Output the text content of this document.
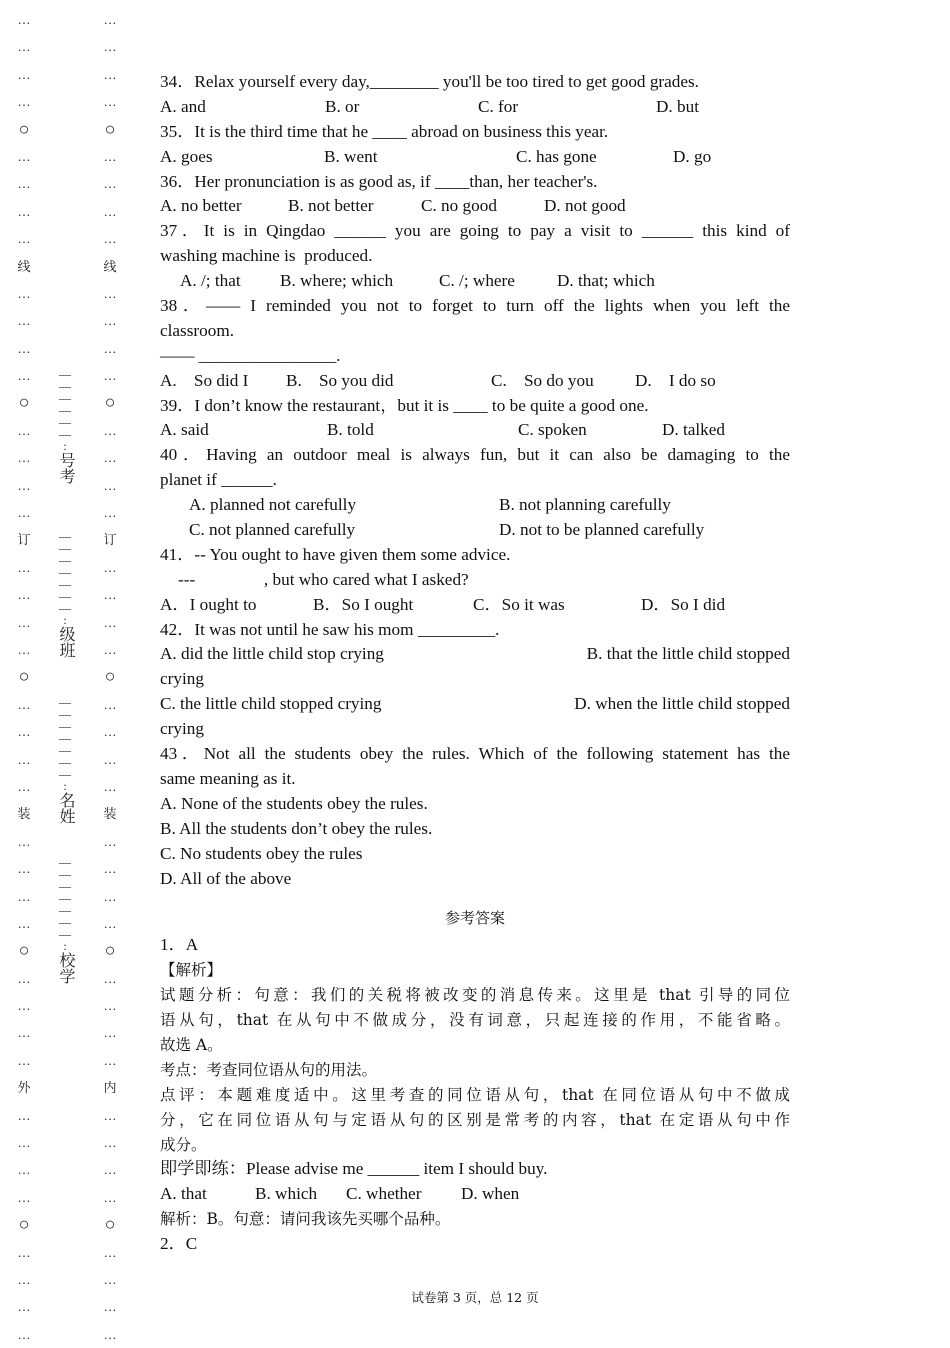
…
…
…
…
○
…
…
…
…
线
…
…
…
…
○
…
…
…
…
订
…
…
…
…
○
…
…
…
…
装
…
…
…
…
○
…
…
…
…
外
…
…
…
…
○
…
…
…
…
…
…
…
…
○
…
…
…
…
线
…
…
…
…
○
…
…
…
…
订
…
…
…
…
○
…
…
…
…
装
…
…
…
…
○
…
…
…
…
内
…
…
…
…
○
…
…
…
…
—
—
—
—
—
—
:
号考
—
—
—
—
—
—
—
:
级班
—
—
—
—
—
—
—
:
名姓
—
—
—
—
—
—
—
:
校学
34．Relax yourself every day,________ you'll be too tired to get good grades.
A. and	B. or	C. for	D. but
35．It is the third time that he ____ abroad on business this year.
A. goes	B. went	C. has gone	D. go
36．Her pronunciation is as good as, if ____than, her teacher's.
A. no better	B. not better	C. no good	D. not good
37．It is in Qingdao ______ you are going to pay a visit to ______ this kind of
washing machine is  produced.
A. /; that B. where; which	C. /; where D. that; which
38．—— I reminded you not to forget to turn off the lights when you left the
classroom.
—— ________________.
A.    So did I B.    So you did	C.    So do you D.    I do so
39．I don’t know the restaurant，but it is ____ to be quite a good one.
A. said	B. told	C. spoken	D. talked
40．Having an outdoor meal is always fun, but it can also be damaging to the
planet if ______.
A. planned not carefully	B. not planning carefully
C. not planned carefully	D. not to be planned carefully
41．-- You ought to have given them some advice.
---                , but who cared what I asked?
A．I ought to	B．So I ought	C．So it was	D．So I did
42．It was not until he saw his mom _________.
A. did the little child stop crying	B. that the little child stopped
crying
C. the little child stopped crying	D. when the little child stopped
crying
43．Not all the students obey the rules. Which of the following statement has the
same meaning as it.
A. None of the students obey the rules.
B. All the students don’t obey the rules.
C. No students obey the rules
D. All of the above
参考答案
1．A
【解析】
试题分析：句意：我们的关税将被改变的消息传来。这里是 that 引导的同位
语从句，that 在从句中不做成分，没有词意，只起连接的作用，不能省略。
故选 A。
考点：考查同位语从句的用法。
点评：本题难度适中。这里考查的同位语从句，that 在同位语从句中不做成
分，它在同位语从句与定语从句的区别是常考的内容，that 在定语从句中作
成分。
即学即练：Please advise me ______ item I should buy.
A. that	B. which C. whether D. when
解析：B。句意：请问我该先买哪个品种。
2．C
试卷第 3 页，总 12 页
